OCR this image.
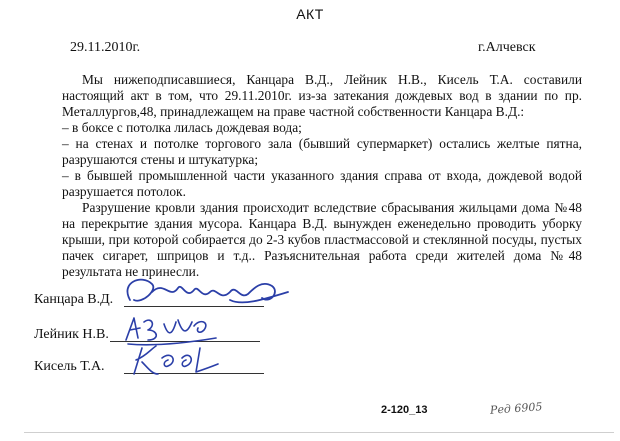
АКТ
29.11.2010г.	г.Алчевск

Мы нижеподписавшиеся, Канцара В.Д., Лейник Н.В., Кисель Т.А. составили настоящий акт в том, что 29.11.2010г. из-за затекания дождевых вод в здании по пр. Металлургов,48, принадлежащем на праве частной собственности Канцара В.Д.:

– в боксе с потолка лилась дождевая вода;

– на стенах и потолке торгового зала (бывший супермаркет) остались желтые пятна, разрушаются стены и штукатурка;

– в бывшей промышленной части указанного здания справа от входа, дождевой водой разрушается потолок.

Разрушение кровли здания происходит вследствие сбрасывания жильцами дома №48 на перекрытие здания мусора. Канцара В.Д. вынужден еженедельно проводить уборку крыши, при которой собирается до 2-3 кубов пластмассовой и стеклянной посуды, пустых пачек сигарет, шприцов и т.д.. Разъяснительная работа среди жителей дома №48 результата не принесли.

Канцара В.Д.
Лейник Н.В.
Кисель Т.А.
2-120_13	Ред 6905
